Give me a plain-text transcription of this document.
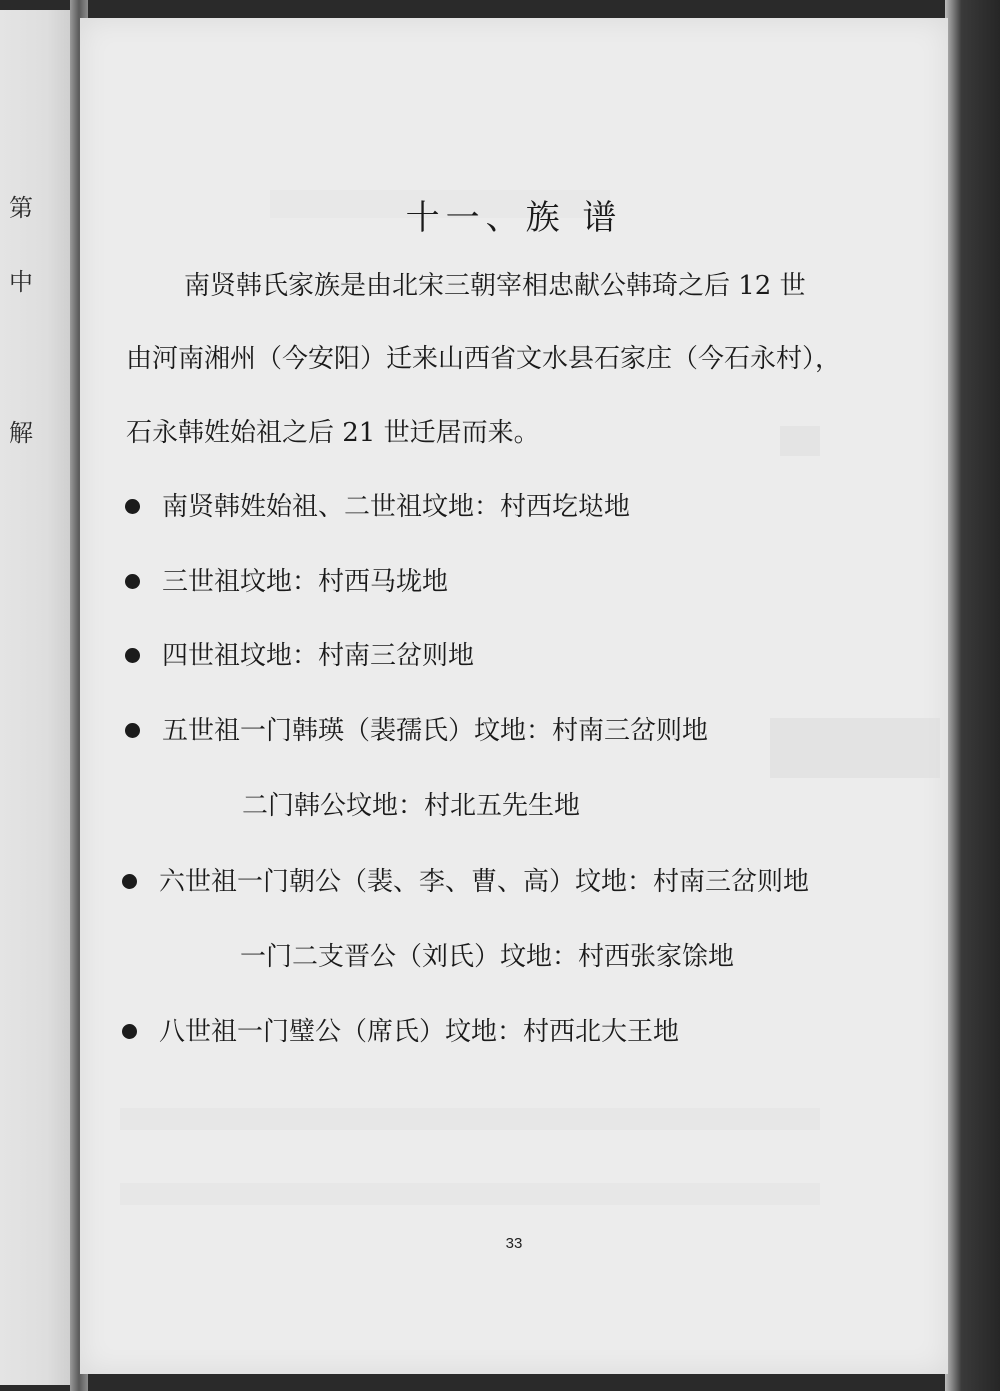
第
中
解
十一、族 谱
南贤韩氏家族是由北宋三朝宰相忠献公韩琦之后 12 世
由河南湘州（今安阳）迁来山西省文水县石家庄（今石永村），
石永韩姓始祖之后 21 世迁居而来。
南贤韩姓始祖、二世祖坟地：村西圪垯地
三世祖坟地：村西马垅地
四世祖坟地：村南三岔则地
五世祖一门韩瑛（裴孺氏）坟地：村南三岔则地
二门韩公坟地：村北五先生地
六世祖一门朝公（裴、李、曹、高）坟地：村南三岔则地
一门二支晋公（刘氏）坟地：村西张家馀地
八世祖一门璧公（席氏）坟地：村西北大王地
33
